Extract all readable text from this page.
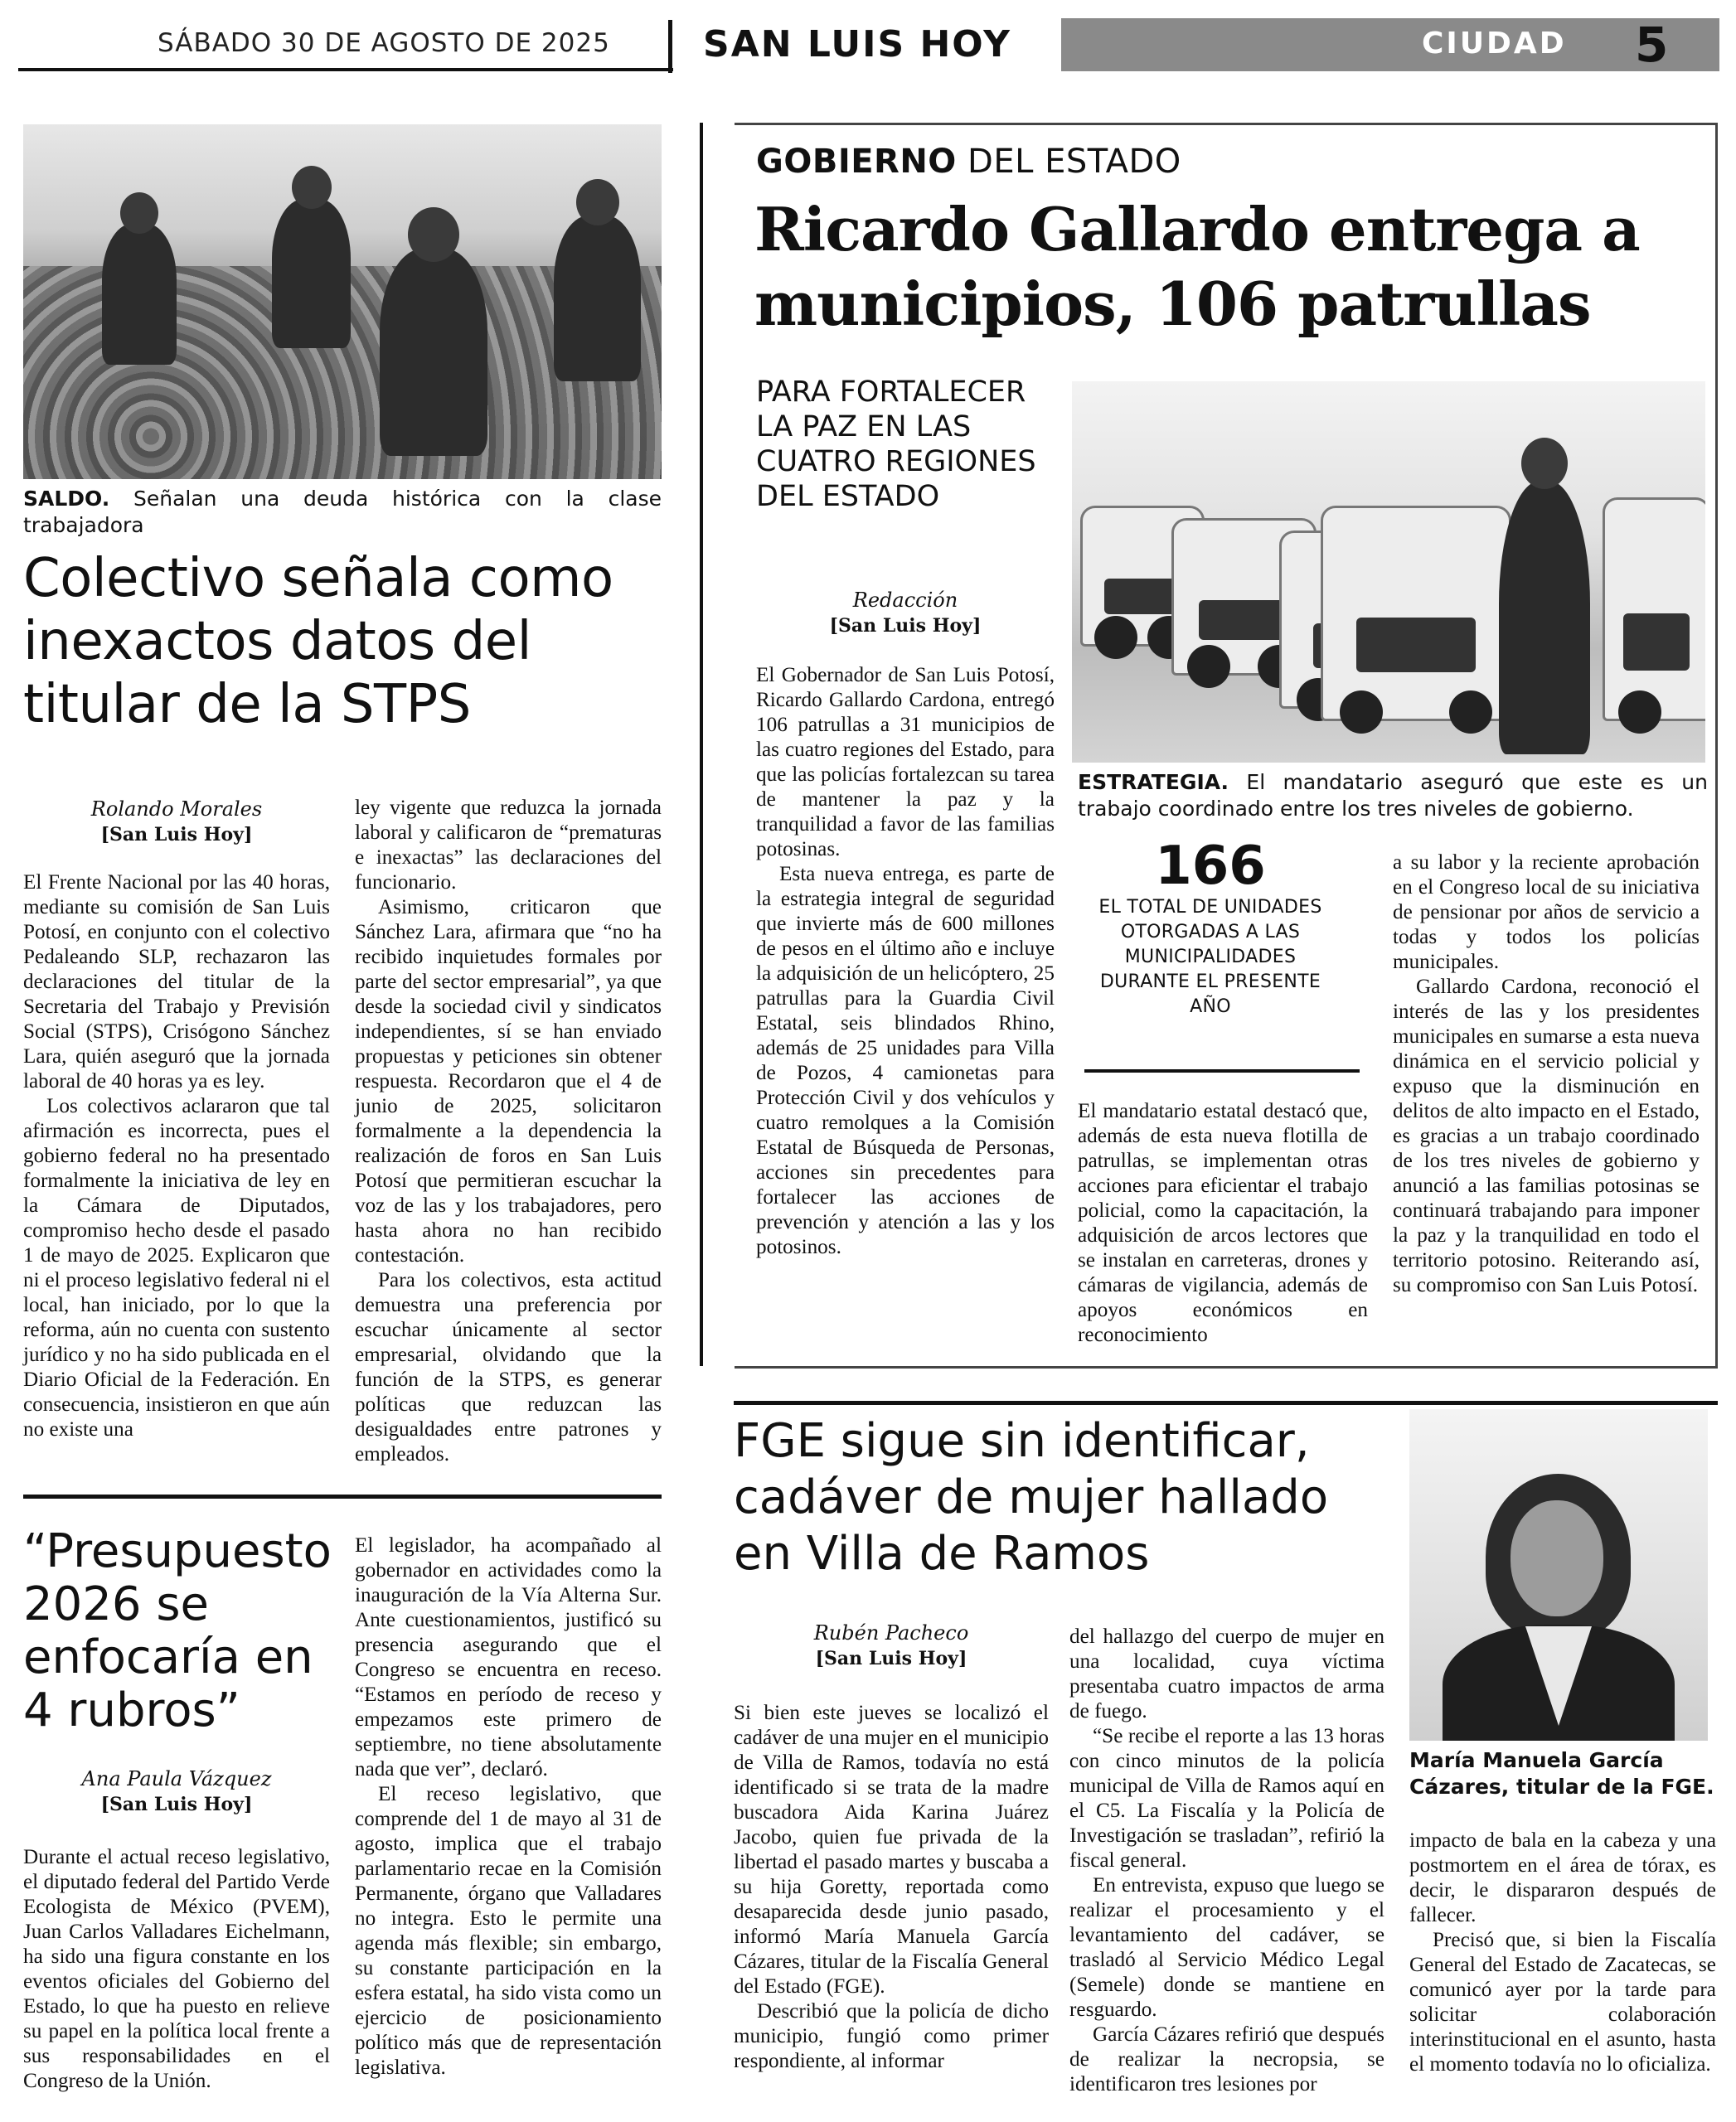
SÁBADO 30 DE AGOSTO DE 2025	SAN LUIS HOY	CIUDAD 5
SALDO. Señalan una deuda histórica con la clase trabajadora
Colectivo señala como inexactos datos del titular de la STPS
Rolando Morales
[San Luis Hoy]

El Frente Nacional por las 40 horas, mediante su comisión de San Luis Potosí, en conjunto con el colectivo Pedaleando SLP, rechazaron las declaraciones del titular de la Secretaria del Trabajo y Previsión Social (STPS), Crisógono Sánchez Lara, quién aseguró que la jornada laboral de 40 horas ya es ley.

Los colectivos aclararon que tal afirmación es incorrecta, pues el gobierno federal no ha presentado formalmente la iniciativa de ley en la Cámara de Diputados, compromiso hecho desde el pasado 1 de mayo de 2025. Explicaron que ni el proceso legislativo federal ni el local, han iniciado, por lo que la reforma, aún no cuenta con sustento jurídico y no ha sido publicada en el Diario Oficial de la Federación. En consecuencia, insistieron en que aún no existe una

ley vigente que reduzca la jornada laboral y calificaron de “prematuras e inexactas” las declaraciones del funcionario.

Asimismo, criticaron que Sánchez Lara, afirmara que “no ha recibido inquietudes formales por parte del sector empresarial”, ya que desde la sociedad civil y sindicatos independientes, sí se han enviado propuestas y peticiones sin obtener respuesta. Recordaron que el 4 de junio de 2025, solicitaron formalmente a la dependencia la realización de foros en San Luis Potosí que permitieran escuchar la voz de las y los trabajadores, pero hasta ahora no han recibido contestación.

Para los colectivos, esta actitud demuestra una preferencia por escuchar únicamente al sector empresarial, olvidando que la función de la STPS, es generar políticas que reduzcan las desigualdades entre patrones y empleados.

“Presupuesto 2026 se enfocaría en 4 rubros”
Ana Paula Vázquez
[San Luis Hoy]

Durante el actual receso legislativo, el diputado federal del Partido Verde Ecologista de México (PVEM), Juan Carlos Valladares Eichelmann, ha sido una figura constante en los eventos oficiales del Gobierno del Estado, lo que ha puesto en relieve su papel en la política local frente a sus responsabilidades en el Congreso de la Unión.

El legislador, ha acompañado al gobernador en actividades como la inauguración de la Vía Alterna Sur. Ante cuestionamientos, justificó su presencia asegurando que el Congreso se encuentra en receso. “Estamos en período de receso y empezamos este primero de septiembre, no tiene absolutamente nada que ver”, declaró.

El receso legislativo, que comprende del 1 de mayo al 31 de agosto, implica que el trabajo parlamentario recae en la Comisión Permanente, órgano que Valladares no integra. Esto le permite una agenda más flexible; sin embargo, su constante participación en la esfera estatal, ha sido vista como un ejercicio de posicionamiento político más que de representación legislativa.

GOBIERNO DEL ESTADO
Ricardo Gallardo entrega a municipios, 106 patrullas
PARA FORTALECER LA PAZ EN LAS CUATRO REGIONES DEL ESTADO
Redacción
[San Luis Hoy]

El Gobernador de San Luis Potosí, Ricardo Gallardo Cardona, entregó 106 patrullas a 31 municipios de las cuatro regiones del Estado, para que las policías fortalezcan su tarea de mantener la paz y la tranquilidad a favor de las familias potosinas.

Esta nueva entrega, es parte de la estrategia integral de seguridad que invierte más de 600 millones de pesos en el último año e incluye la adquisición de un helicóptero, 25 patrullas para la Guardia Civil Estatal, seis blindados Rhino, además de 25 unidades para Villa de Pozos, 4 camionetas para Protección Civil y dos vehículos y cuatro remolques a la Comisión Estatal de Búsqueda de Personas, acciones sin precedentes para fortalecer las acciones de prevención y atención a las y los potosinos.

ESTRATEGIA. El mandatario aseguró que este es un trabajo coordinado entre los tres niveles de gobierno.
166
EL TOTAL DE UNIDADES OTORGADAS A LAS MUNICIPALIDADES DURANTE EL PRESENTE AÑO

El mandatario estatal destacó que, además de esta nueva flotilla de patrullas, se implementan otras acciones para eficientar el trabajo policial, como la capacitación, la adquisición de arcos lectores que se instalan en carreteras, drones y cámaras de vigilancia, además de apoyos económicos en reconocimiento

a su labor y la reciente aprobación en el Congreso local de su iniciativa de pensionar por años de servicio a todas y todos los policías municipales.

Gallardo Cardona, reconoció el interés de las y los presidentes municipales en sumarse a esta nueva dinámica en el servicio policial y expuso que la disminución en delitos de alto impacto en el Estado, es gracias a un trabajo coordinado de los tres niveles de gobierno y anunció a las familias potosinas se continuará trabajando para imponer la paz y la tranquilidad en todo el territorio potosino. Reiterando así, su compromiso con San Luis Potosí.

FGE sigue sin identificar, cadáver de mujer hallado en Villa de Ramos
María Manuela García Cázares, titular de la FGE.
Rubén Pacheco
[San Luis Hoy]

Si bien este jueves se localizó el cadáver de una mujer en el municipio de Villa de Ramos, todavía no está identificado si se trata de la madre buscadora Aida Karina Juárez Jacobo, quien fue privada de la libertad el pasado martes y buscaba a su hija Goretty, reportada como desaparecida desde junio pasado, informó María Manuela García Cázares, titular de la Fiscalía General del Estado (FGE).

Describió que la policía de dicho municipio, fungió como primer respondiente, al informar

del hallazgo del cuerpo de mujer en una localidad, cuya víctima presentaba cuatro impactos de arma de fuego.

“Se recibe el reporte a las 13 horas con cinco minutos de la policía municipal de Villa de Ramos aquí en el C5. La Fiscalía y la Policía de Investigación se trasladan”, refirió la fiscal general.

En entrevista, expuso que luego se realizar el procesamiento y el levantamiento del cadáver, se trasladó al Servicio Médico Legal (Semele) donde se mantiene en resguardo.

García Cázares refirió que después de realizar la necropsia, se identificaron tres lesiones por

impacto de bala en la cabeza y una postmortem en el área de tórax, es decir, le dispararon después de fallecer.

Precisó que, si bien la Fiscalía General del Estado de Zacatecas, se comunicó ayer por la tarde para solicitar colaboración interinstitucional en el asunto, hasta el momento todavía no lo oficializa.
